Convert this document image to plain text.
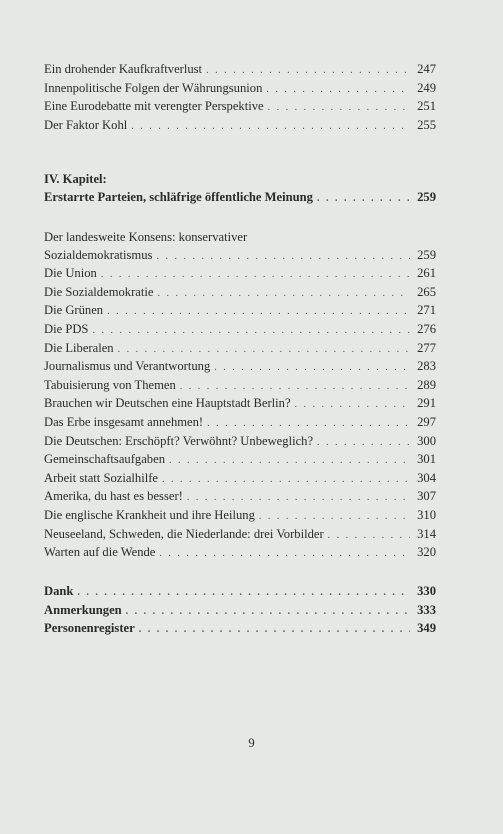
Ein drohender Kaufkraftverlust . . .	247
Innenpolitische Folgen der Währungsunion . . .	249
Eine Eurodebatte mit verengter Perspektive . . .	251
Der Faktor Kohl . . .	255
IV. Kapitel:
Erstarrte Parteien, schläfrige öffentliche Meinung . . .	259
Der landesweite Konsens: konservativer
Sozialdemokratismus . . .	259
Die Union . . .	261
Die Sozialdemokratie . . .	265
Die Grünen . . .	271
Die PDS . . .	276
Die Liberalen . . .	277
Journalismus und Verantwortung . . .	283
Tabuisierung von Themen . . .	289
Brauchen wir Deutschen eine Hauptstadt Berlin? . . .	291
Das Erbe insgesamt annehmen! . . .	297
Die Deutschen: Erschöpft? Verwöhnt? Unbeweglich? . . .	300
Gemeinschaftsaufgaben . . .	301
Arbeit statt Sozialhilfe . . .	304
Amerika, du hast es besser! . . .	307
Die englische Krankheit und ihre Heilung . . .	310
Neuseeland, Schweden, die Niederlande: drei Vorbilder . . .	314
Warten auf die Wende . . .	320
Dank . . .	330
Anmerkungen . . .	333
Personenregister . . .	349
9
